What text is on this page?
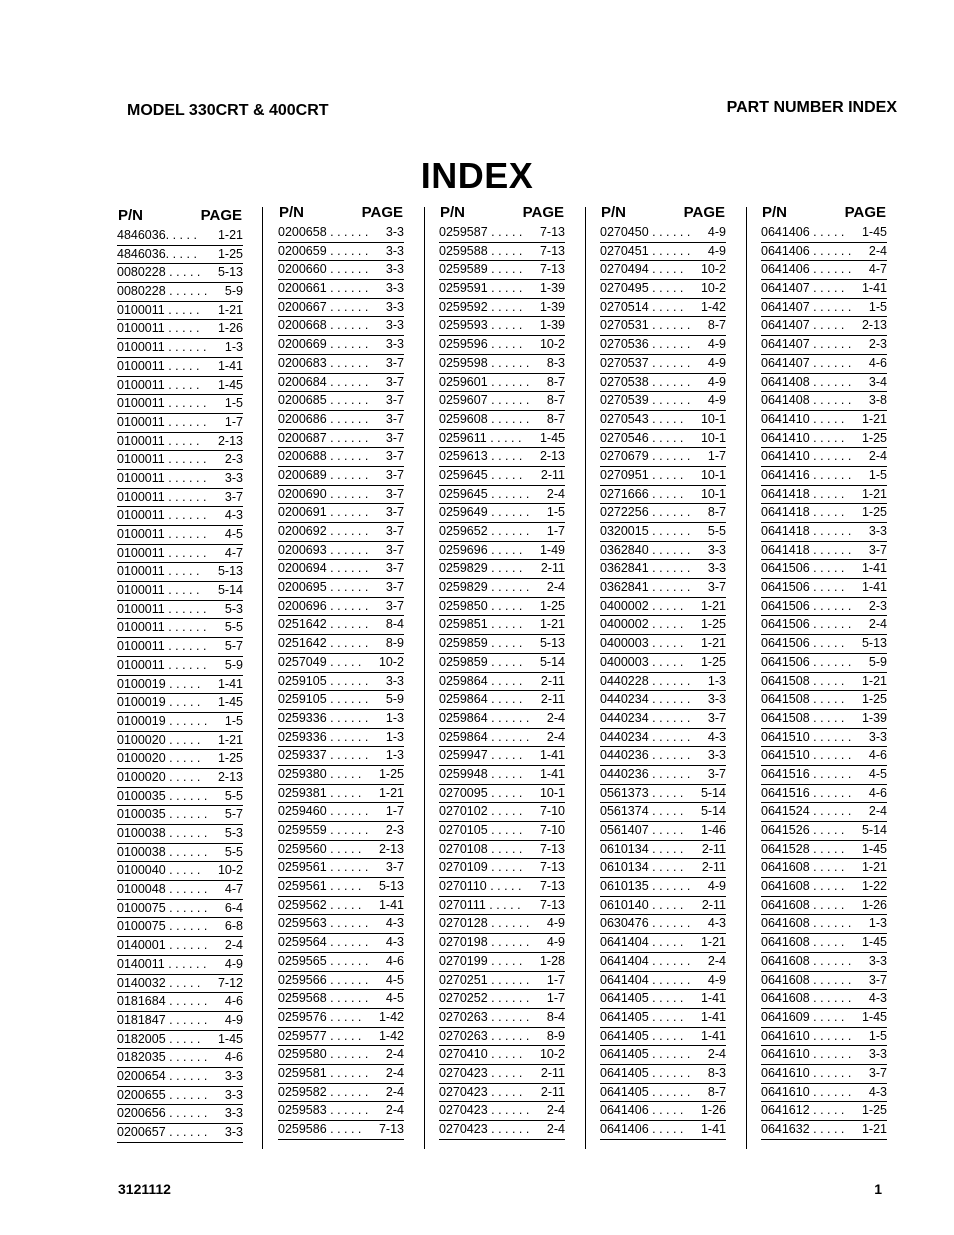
MODEL 330CRT & 400CRT	PART NUMBER INDEX
INDEX
P/N	PAGE
4846036. . . . . 1-21
4846036. . . . . 1-25
0080228 . . . . . 5-13
0080228 . . . . . . 5-9
0100011 . . . . . 1-21
0100011 . . . . . 1-26
0100011 . . . . . . 1-3
0100011 . . . . . 1-41
0100011 . . . . . 1-45
0100011 . . . . . . 1-5
0100011 . . . . . . 1-7
0100011 . . . . . 2-13
0100011 . . . . . . 2-3
0100011 . . . . . . 3-3
0100011 . . . . . . 3-7
0100011 . . . . . . 4-3
0100011 . . . . . . 4-5
0100011 . . . . . . 4-7
0100011 . . . . . 5-13
0100011 . . . . . 5-14
0100011 . . . . . . 5-3
0100011 . . . . . . 5-5
0100011 . . . . . . 5-7
0100011 . . . . . . 5-9
0100019 . . . . . 1-41
0100019 . . . . . 1-45
0100019 . . . . . . 1-5
0100020 . . . . . 1-21
0100020 . . . . . 1-25
0100020 . . . . . 2-13
0100035 . . . . . . 5-5
0100035 . . . . . . 5-7
0100038 . . . . . . 5-3
0100038 . . . . . . 5-5
0100040 . . . . . 10-2
0100048 . . . . . . 4-7
0100075 . . . . . . 6-4
0100075 . . . . . . 6-8
0140001 . . . . . . 2-4
0140011 . . . . . . 4-9
0140032 . . . . . 7-12
0181684 . . . . . . 4-6
0181847 . . . . . . 4-9
0182005 . . . . . 1-45
0182035 . . . . . . 4-6
0200654 . . . . . . 3-3
0200655 . . . . . . 3-3
0200656 . . . . . . 3-3
0200657 . . . . . . 3-3
P/N	PAGE
0200658 . . . . . . 3-3
0200659 . . . . . . 3-3
0200660 . . . . . . 3-3
0200661 . . . . . . 3-3
0200667 . . . . . . 3-3
0200668 . . . . . . 3-3
0200669 . . . . . . 3-3
0200683 . . . . . . 3-7
0200684 . . . . . . 3-7
0200685 . . . . . . 3-7
0200686 . . . . . . 3-7
0200687 . . . . . . 3-7
0200688 . . . . . . 3-7
0200689 . . . . . . 3-7
0200690 . . . . . . 3-7
0200691 . . . . . . 3-7
0200692 . . . . . . 3-7
0200693 . . . . . . 3-7
0200694 . . . . . . 3-7
0200695 . . . . . . 3-7
0200696 . . . . . . 3-7
0251642 . . . . . . 8-4
0251642 . . . . . . 8-9
0257049 . . . . . 10-2
0259105 . . . . . . 3-3
0259105 . . . . . . 5-9
0259336 . . . . . . 1-3
0259336 . . . . . . 1-3
0259337 . . . . . . 1-3
0259380 . . . . . 1-25
0259381 . . . . . 1-21
0259460 . . . . . . 1-7
0259559 . . . . . . 2-3
0259560 . . . . . 2-13
0259561 . . . . . . 3-7
0259561 . . . . . 5-13
0259562 . . . . . 1-41
0259563 . . . . . . 4-3
0259564 . . . . . . 4-3
0259565 . . . . . . 4-6
0259566 . . . . . . 4-5
0259568 . . . . . . 4-5
0259576 . . . . . 1-42
0259577 . . . . . 1-42
0259580 . . . . . . 2-4
0259581 . . . . . . 2-4
0259582 . . . . . . 2-4
0259583 . . . . . . 2-4
0259586 . . . . . 7-13
P/N	PAGE
0259587 . . . . . 7-13
0259588 . . . . . 7-13
0259589 . . . . . 7-13
0259591 . . . . . 1-39
0259592 . . . . . 1-39
0259593 . . . . . 1-39
0259596 . . . . . 10-2
0259598 . . . . . . 8-3
0259601 . . . . . . 8-7
0259607 . . . . . . 8-7
0259608 . . . . . . 8-7
0259611 . . . . . 1-45
0259613 . . . . . 2-13
0259645 . . . . . 2-11
0259645 . . . . . . 2-4
0259649 . . . . . . 1-5
0259652 . . . . . . 1-7
0259696 . . . . . 1-49
0259829 . . . . . 2-11
0259829 . . . . . . 2-4
0259850 . . . . . 1-25
0259851 . . . . . 1-21
0259859 . . . . . 5-13
0259859 . . . . . 5-14
0259864 . . . . . 2-11
0259864 . . . . . 2-11
0259864 . . . . . . 2-4
0259864 . . . . . . 2-4
0259947 . . . . . 1-41
0259948 . . . . . 1-41
0270095 . . . . . 10-1
0270102 . . . . . 7-10
0270105 . . . . . 7-10
0270108 . . . . . 7-13
0270109 . . . . . 7-13
0270110 . . . . . 7-13
0270111 . . . . . 7-13
0270128 . . . . . . 4-9
0270198 . . . . . . 4-9
0270199 . . . . . 1-28
0270251 . . . . . . 1-7
0270252 . . . . . . 1-7
0270263 . . . . . . 8-4
0270263 . . . . . . 8-9
0270410 . . . . . 10-2
0270423 . . . . . 2-11
0270423 . . . . . 2-11
0270423 . . . . . . 2-4
0270423 . . . . . . 2-4
P/N	PAGE
0270450 . . . . . . 4-9
0270451 . . . . . . 4-9
0270494 . . . . . 10-2
0270495 . . . . . 10-2
0270514 . . . . . 1-42
0270531 . . . . . . 8-7
0270536 . . . . . . 4-9
0270537 . . . . . . 4-9
0270538 . . . . . . 4-9
0270539 . . . . . . 4-9
0270543 . . . . . 10-1
0270546 . . . . . 10-1
0270679 . . . . . . 1-7
0270951 . . . . . 10-1
0271666 . . . . . 10-1
0272256 . . . . . . 8-7
0320015 . . . . . . 5-5
0362840 . . . . . . 3-3
0362841 . . . . . . 3-3
0362841 . . . . . . 3-7
0400002 . . . . . 1-21
0400002 . . . . . 1-25
0400003 . . . . . 1-21
0400003 . . . . . 1-25
0440228 . . . . . . 1-3
0440234 . . . . . . 3-3
0440234 . . . . . . 3-7
0440234 . . . . . . 4-3
0440236 . . . . . . 3-3
0440236 . . . . . . 3-7
0561373 . . . . . 5-14
0561374 . . . . . 5-14
0561407 . . . . . 1-46
0610134 . . . . . 2-11
0610134 . . . . . 2-11
0610135 . . . . . . 4-9
0610140 . . . . . 2-11
0630476 . . . . . . 4-3
0641404 . . . . . 1-21
0641404 . . . . . . 2-4
0641404 . . . . . . 4-9
0641405 . . . . . 1-41
0641405 . . . . . 1-41
0641405 . . . . . 1-41
0641405 . . . . . . 2-4
0641405 . . . . . . 8-3
0641405 . . . . . . 8-7
0641406 . . . . . 1-26
0641406 . . . . . 1-41
P/N	PAGE
0641406 . . . . . 1-45
0641406 . . . . . . 2-4
0641406 . . . . . . 4-7
0641407 . . . . . 1-41
0641407 . . . . . . 1-5
0641407 . . . . . 2-13
0641407 . . . . . . 2-3
0641407 . . . . . . 4-6
0641408 . . . . . . 3-4
0641408 . . . . . . 3-8
0641410 . . . . . 1-21
0641410 . . . . . 1-25
0641410 . . . . . . 2-4
0641416 . . . . . . 1-5
0641418 . . . . . 1-21
0641418 . . . . . 1-25
0641418 . . . . . . 3-3
0641418 . . . . . . 3-7
0641506 . . . . . 1-41
0641506 . . . . . 1-41
0641506 . . . . . . 2-3
0641506 . . . . . . 2-4
0641506 . . . . . 5-13
0641506 . . . . . . 5-9
0641508 . . . . . 1-21
0641508 . . . . . 1-25
0641508 . . . . . 1-39
0641510 . . . . . . 3-3
0641510 . . . . . . 4-6
0641516 . . . . . . 4-5
0641516 . . . . . . 4-6
0641524 . . . . . . 2-4
0641526 . . . . . 5-14
0641528 . . . . . 1-45
0641608 . . . . . 1-21
0641608 . . . . . 1-22
0641608 . . . . . 1-26
0641608 . . . . . . 1-3
0641608 . . . . . 1-45
0641608 . . . . . . 3-3
0641608 . . . . . . 3-7
0641608 . . . . . . 4-3
0641609 . . . . . 1-45
0641610 . . . . . . 1-5
0641610 . . . . . . 3-3
0641610 . . . . . . 3-7
0641610 . . . . . . 4-3
0641612 . . . . . 1-25
0641632 . . . . . 1-21
3121112	1
